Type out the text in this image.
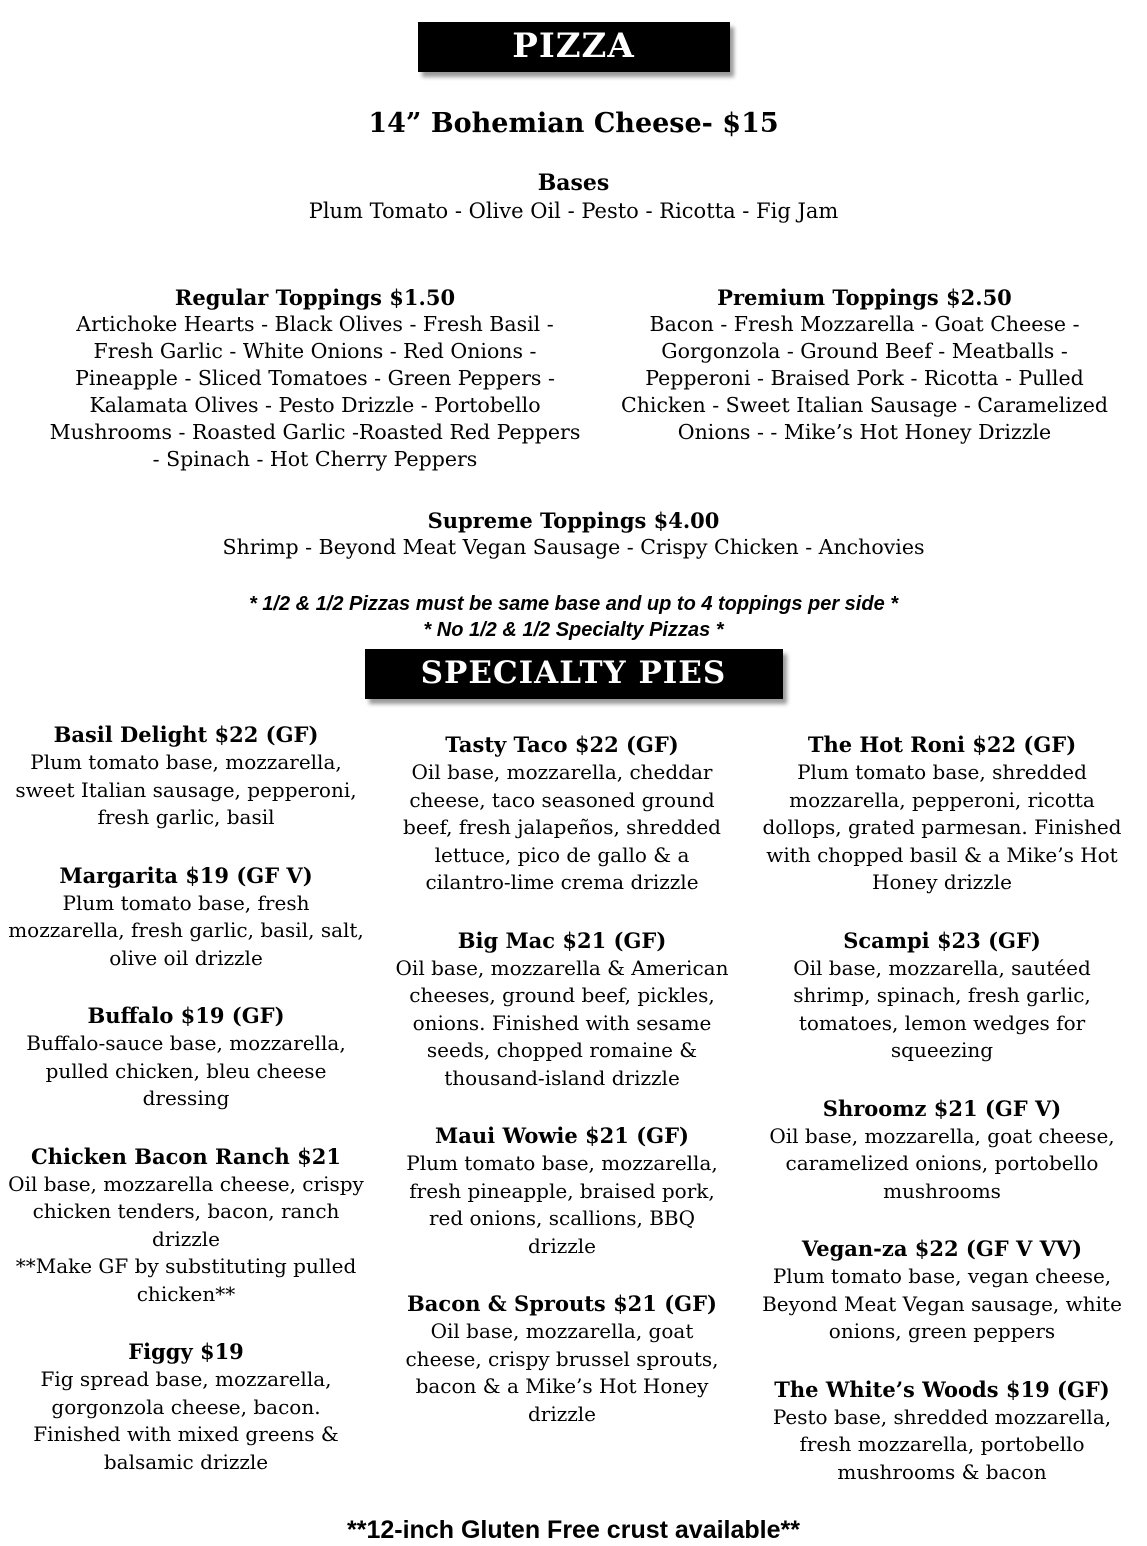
PIZZA
14” Bohemian Cheese- $15
Bases
Plum Tomato - Olive Oil - Pesto - Ricotta - Fig Jam
Regular Toppings $1.50
Artichoke Hearts - Black Olives - Fresh Basil - Fresh Garlic - White Onions - Red Onions - Pineapple - Sliced Tomatoes - Green Peppers - Kalamata Olives - Pesto Drizzle - Portobello Mushrooms - Roasted Garlic -Roasted Red Peppers - Spinach - Hot Cherry Peppers
Premium Toppings $2.50
Bacon - Fresh Mozzarella - Goat Cheese - Gorgonzola - Ground Beef - Meatballs - Pepperoni - Braised Pork - Ricotta - Pulled Chicken - Sweet Italian Sausage - Caramelized Onions - - Mike’s Hot Honey Drizzle
Supreme Toppings $4.00
Shrimp - Beyond Meat Vegan Sausage - Crispy Chicken - Anchovies
* 1/2 & 1/2 Pizzas must be same base and up to 4 toppings per side *
* No 1/2 & 1/2 Specialty Pizzas *
SPECIALTY PIES
Basil Delight $22 (GF)
Plum tomato base, mozzarella, sweet Italian sausage, pepperoni, fresh garlic, basil
Margarita $19 (GF V)
Plum tomato base, fresh mozzarella, fresh garlic, basil, salt, olive oil drizzle
Buffalo $19 (GF)
Buffalo-sauce base, mozzarella, pulled chicken, bleu cheese dressing
Chicken Bacon Ranch $21
Oil base, mozzarella cheese, crispy chicken tenders, bacon, ranch drizzle
**Make GF by substituting pulled chicken**
Figgy $19
Fig spread base, mozzarella, gorgonzola cheese, bacon. Finished with mixed greens & balsamic drizzle
Tasty Taco $22 (GF)
Oil base, mozzarella, cheddar cheese, taco seasoned ground beef, fresh jalapeños, shredded lettuce, pico de gallo & a cilantro-lime crema drizzle
Big Mac $21 (GF)
Oil base, mozzarella & American cheeses, ground beef, pickles, onions. Finished with sesame seeds, chopped romaine & thousand-island drizzle
Maui Wowie $21 (GF)
Plum tomato base, mozzarella, fresh pineapple, braised pork, red onions, scallions, BBQ drizzle
Bacon & Sprouts $21 (GF)
Oil base, mozzarella, goat cheese, crispy brussel sprouts, bacon & a Mike’s Hot Honey drizzle
The Hot Roni $22 (GF)
Plum tomato base, shredded mozzarella, pepperoni, ricotta dollops, grated parmesan. Finished with chopped basil & a Mike’s Hot Honey drizzle
Scampi $23 (GF)
Oil base, mozzarella, sautéed shrimp, spinach, fresh garlic, tomatoes, lemon wedges for squeezing
Shroomz $21 (GF V)
Oil base, mozzarella, goat cheese, caramelized onions, portobello mushrooms
Vegan-za $22 (GF V VV)
Plum tomato base, vegan cheese, Beyond Meat Vegan sausage, white onions, green peppers
The White’s Woods $19 (GF)
Pesto base, shredded mozzarella, fresh mozzarella, portobello mushrooms & bacon
**12-inch Gluten Free crust available**
